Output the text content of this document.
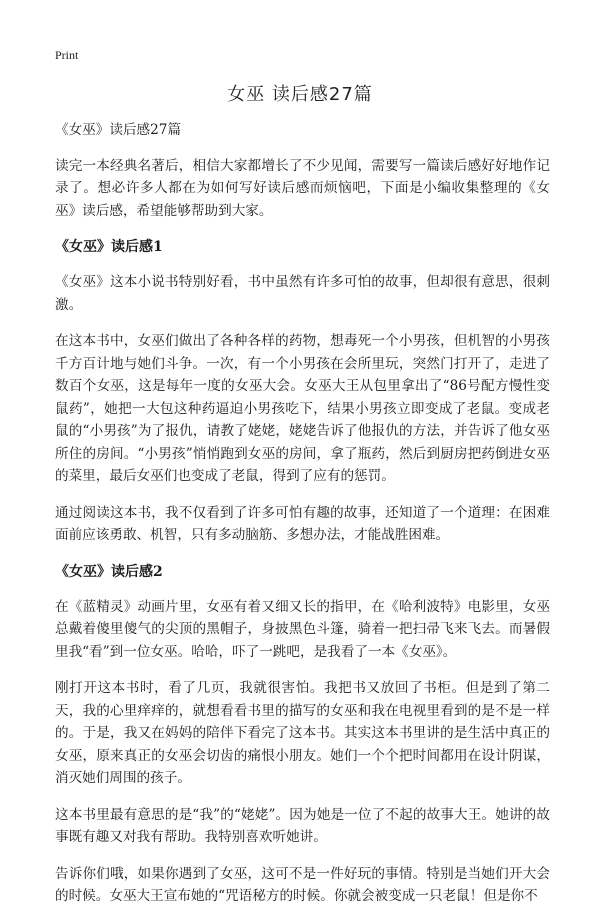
Print
女巫 读后感27篇

《女巫》读后感27篇

读完一本经典名著后，相信大家都增长了不少见闻，需要写一篇读后感好好地作记录了。想必许多人都在为如何写好读后感而烦恼吧，下面是小编收集整理的《女巫》读后感，希望能够帮助到大家。

《女巫》读后感1

《女巫》这本小说书特别好看，书中虽然有许多可怕的故事，但却很有意思，很刺激。

在这本书中，女巫们做出了各种各样的药物，想毒死一个小男孩，但机智的小男孩千方百计地与她们斗争。一次，有一个小男孩在会所里玩，突然门打开了，走进了数百个女巫，这是每年一度的女巫大会。女巫大王从包里拿出了“86号配方慢性变鼠药”，她把一大包这种药逼迫小男孩吃下，结果小男孩立即变成了老鼠。变成老鼠的“小男孩”为了报仇，请教了姥姥，姥姥告诉了他报仇的方法，并告诉了他女巫所住的房间。“小男孩”悄悄跑到女巫的房间，拿了瓶药，然后到厨房把药倒进女巫的菜里，最后女巫们也变成了老鼠，得到了应有的惩罚。

通过阅读这本书，我不仅看到了许多可怕有趣的故事，还知道了一个道理：在困难面前应该勇敢、机智，只有多动脑筋、多想办法，才能战胜困难。

《女巫》读后感2

在《蓝精灵》动画片里，女巫有着又细又长的指甲，在《哈利波特》电影里，女巫总戴着傻里傻气的尖顶的黑帽子，身披黑色斗篷，骑着一把扫帚飞来飞去。而暑假里我“看”到一位女巫。哈哈，吓了一跳吧，是我看了一本《女巫》。

刚打开这本书时，看了几页，我就很害怕。我把书又放回了书柜。但是到了第二天，我的心里痒痒的，就想看看书里的描写的女巫和我在电视里看到的是不是一样的。于是，我又在妈妈的陪伴下看完了这本书。其实这本书里讲的是生活中真正的女巫，原来真正的女巫会切齿的痛恨小朋友。她们一个个把时间都用在设计阴谋，消灭她们周围的孩子。

这本书里最有意思的是“我”的“姥姥”。因为她是一位了不起的故事大王。她讲的故事既有趣又对我有帮助。我特别喜欢听她讲。

告诉你们哦，如果你遇到了女巫，这可不是一件好玩的事情。特别是当她们开大会的时候。女巫大王宣布她的“咒语秘方的时候。你就会被变成一只老鼠！但是你不
